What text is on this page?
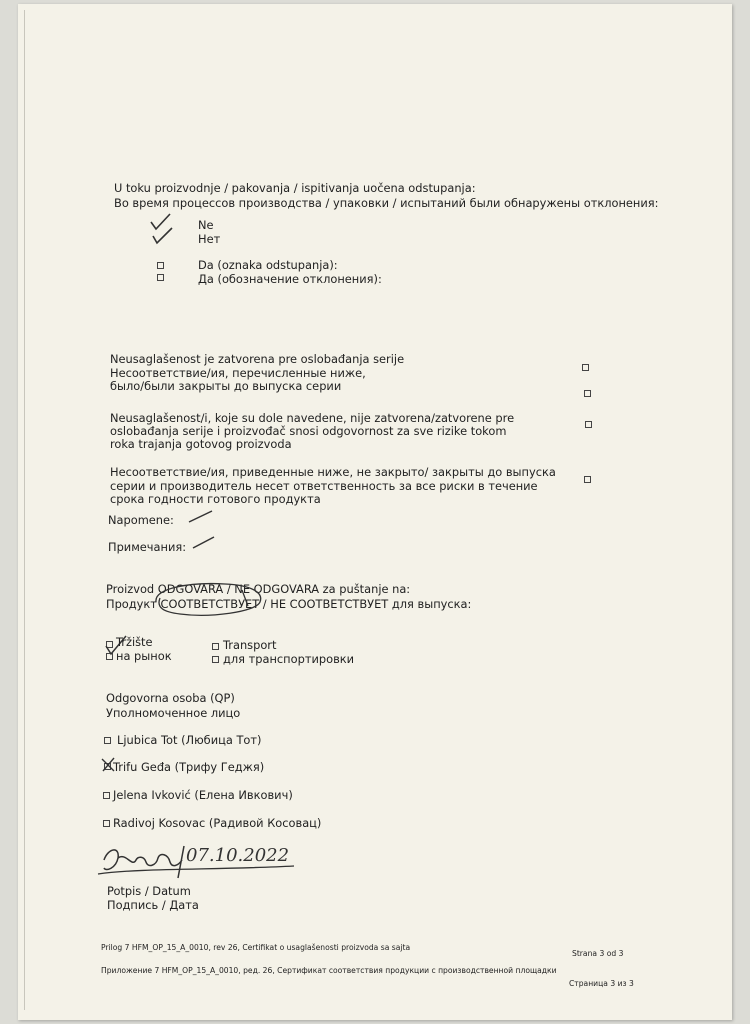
U toku proizvodnje / pakovanja / ispitivanja uočena odstupanja:
Во время процессов производства / упаковки / испытаний были обнаружены отклонения:
Ne
Нет
Da (oznaka odstupanja):
Да (обозначение отклонения):
Neusaglašenost je zatvorena pre oslobađanja serije
Несоответствие/ия, перечисленные ниже,
было/были закрыты до выпуска серии
Neusaglašenost/i, koje su dole navedene, nije zatvorena/zatvorene pre
oslobađanja serije i proizvođač snosi odgovornost za sve rizike tokom
roka trajanja gotovog proizvoda
Несоответствие/ия, приведенные ниже, не закрыто/ закрыты до выпуска
серии и производитель несет ответственность за все риски в течение
срока годности готового продукта
Napomene:
Примечания:
Proizvod ODGOVARA / NE ODGOVARA za puštanje na:
Продукт СООТВЕТСТВУЕТ / НЕ СООТВЕТСТВУЕТ для выпуска:
Tržište
на рынок
Transport
для транспортировки
Odgovorna osoba (QP)
Уполномоченное лицо
Ljubica Tot (Любица Тот)
Trifu Geđa (Трифу Геджя)
Jelena Ivković (Елена Ивкович)
Radivoj Kosovac (Радивой Косовац)
07.10.2022
Potpis / Datum
Подпись / Дата
Prilog 7 HFM_OP_15_A_0010, rev 26, Certifikat o usaglašenosti proizvoda sa sajta
Strana 3 od 3
Приложение 7 HFM_OP_15_A_0010, ред. 26, Сертификат соответствия продукции с производственной площадки
Страница 3 из 3
